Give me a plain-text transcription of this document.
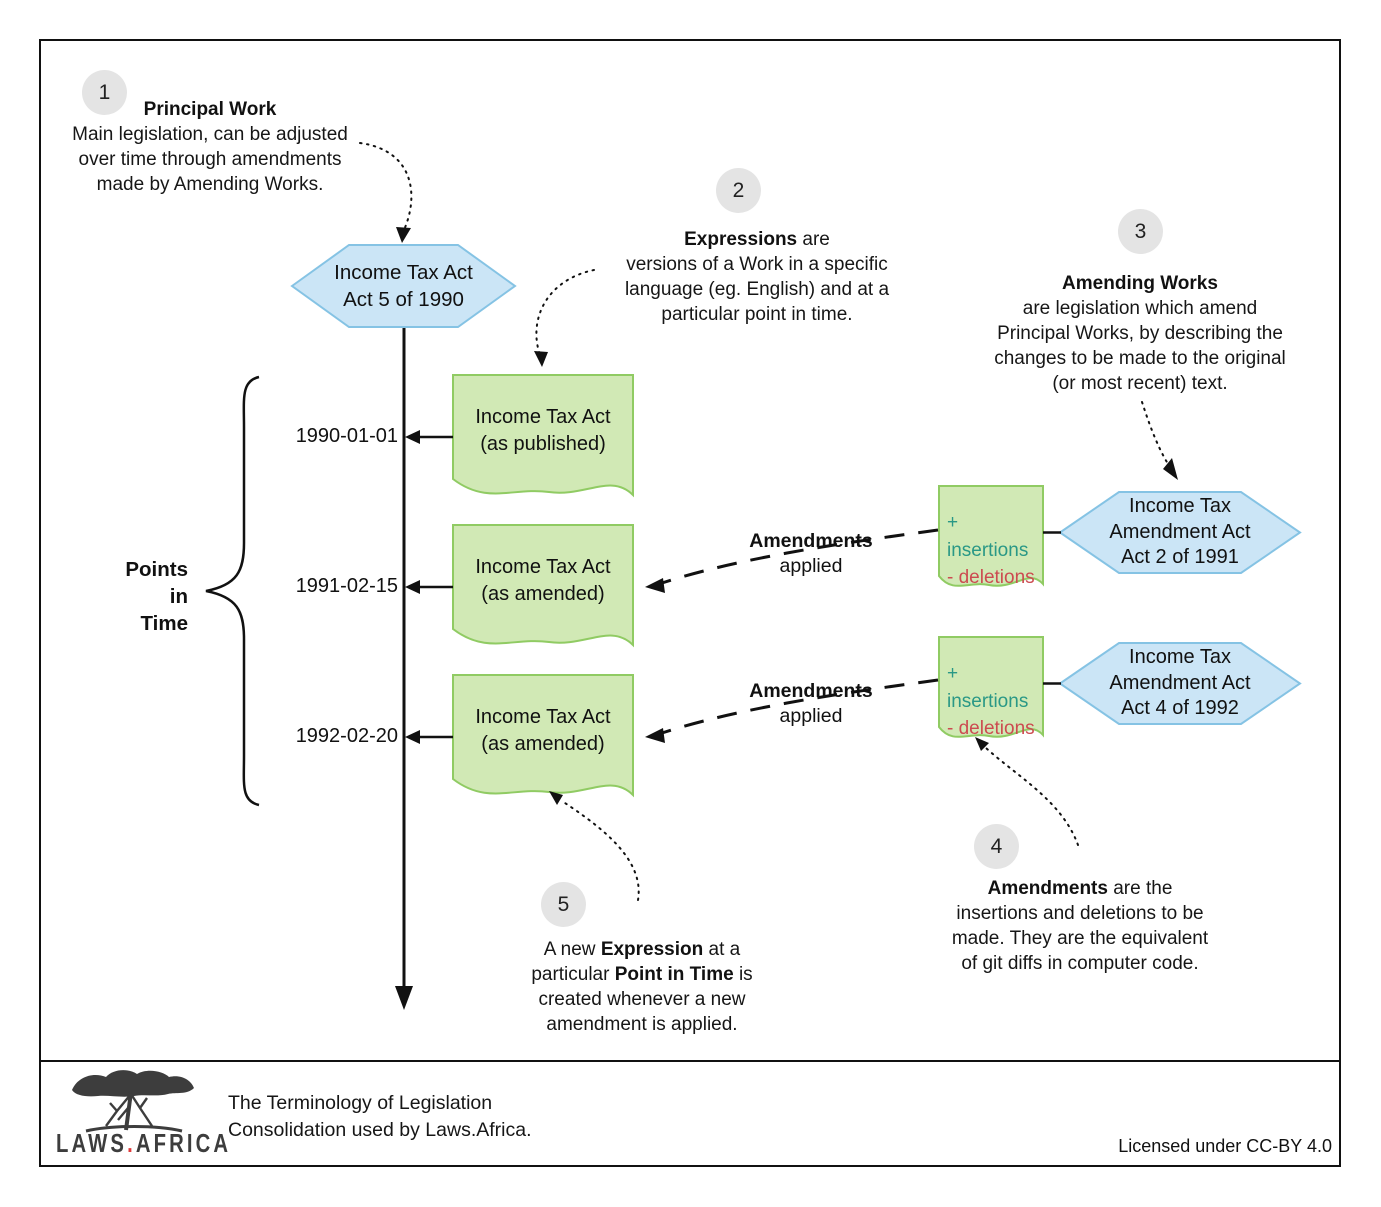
1
2
3
4
5
Principal Work
Main legislation, can be adjusted
over time through amendments
made by Amending Works.
Expressions are
versions of a Work in a specific
language (eg. English) and at a
particular point in time.
Amending Works
are legislation which amend
Principal Works, by describing the
changes to be made to the original
(or most recent) text.
Amendments are the
insertions and deletions to be
made. They are the equivalent
of git diffs in computer code.
A new Expression at a
particular Point in Time is
created whenever a new
amendment is applied.
Points
in
Time
1990-01-01
1991-02-15
1992-02-20
Income Tax Act
Act 5 of 1990
Income Tax Act
(as published)
Income Tax Act
(as amended)
Income Tax Act
(as amended)
+ insertions
- deletions
+ insertions
- deletions
Income Tax
Amendment Act
Act 2 of 1991
Income Tax
Amendment Act
Act 4 of 1992
Amendments
applied
Amendments
applied
LAWS.AFRICA
The Terminology of Legislation
Consolidation used by Laws.Africa.
Licensed under CC-BY 4.0
